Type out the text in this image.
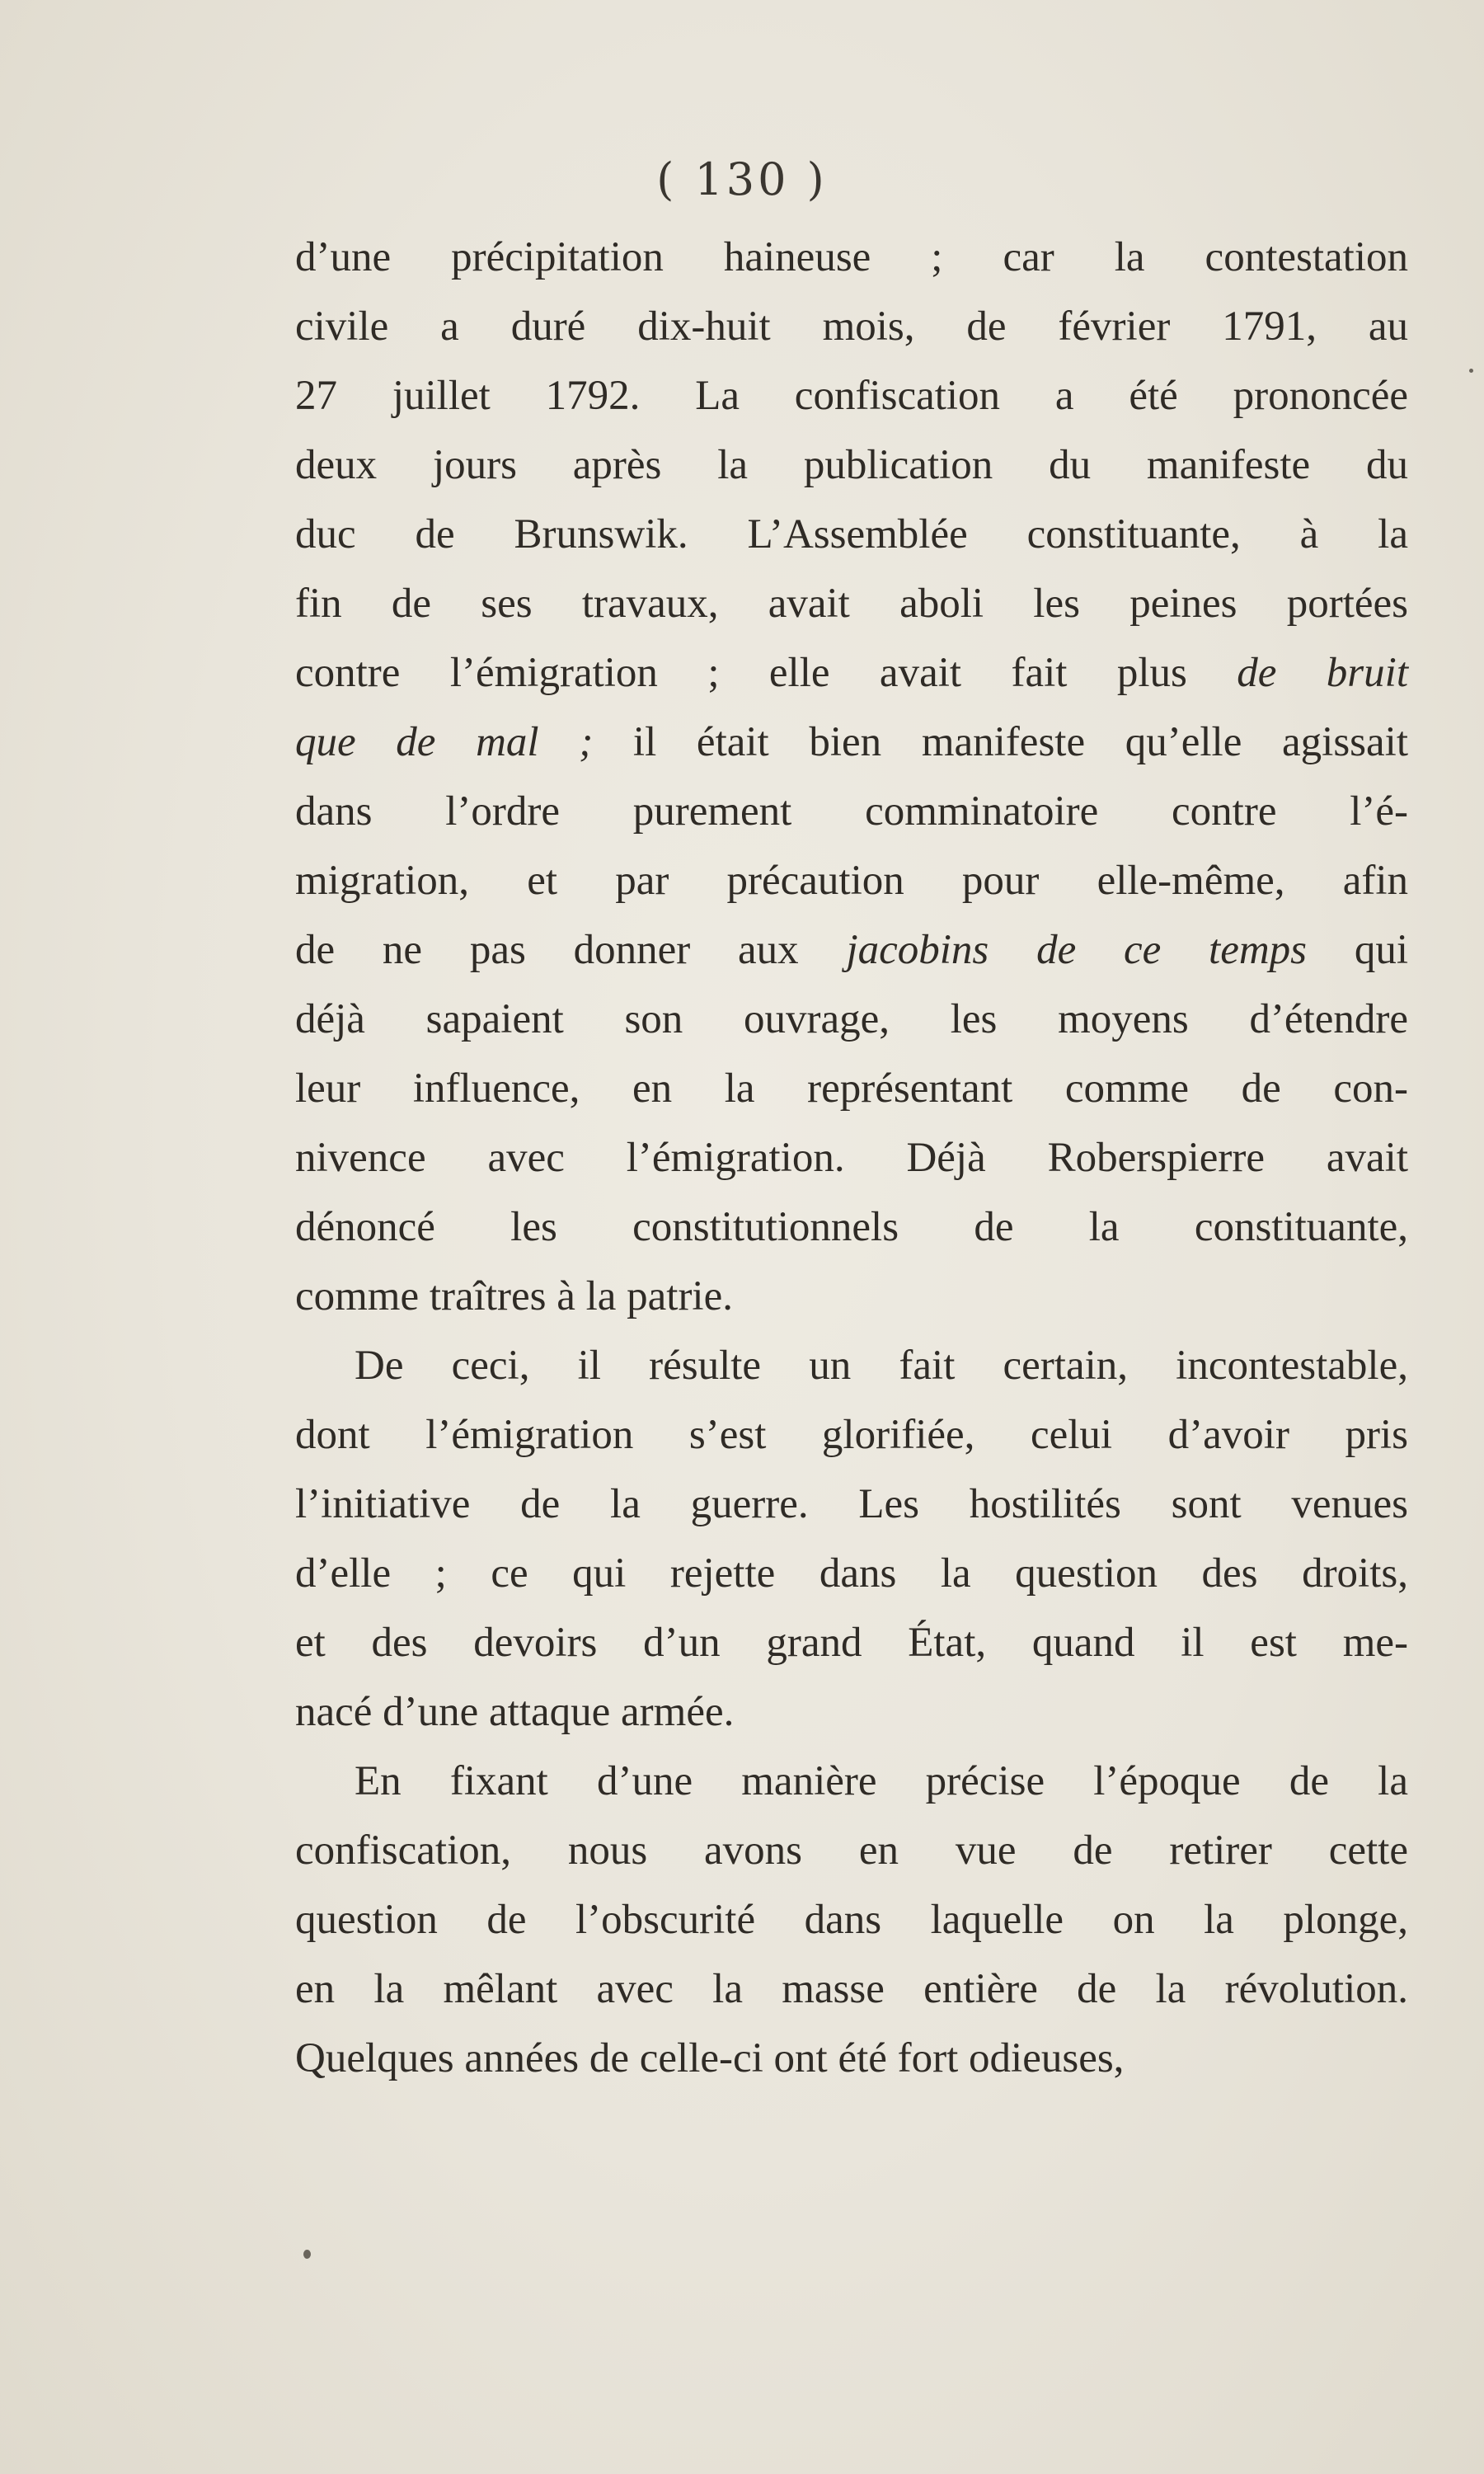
( 130 )
d’une précipitation haineuse ; car la contestation
civile a duré dix-huit mois, de février 1791, au
27 juillet 1792. La confiscation a été prononcée
deux jours après la publication du manifeste du
duc de Brunswik. L’Assemblée constituante, à la
fin de ses travaux, avait aboli les peines portées
contre l’émigration ; elle avait fait plus de bruit
que de mal ; il était bien manifeste qu’elle agissait
dans l’ordre purement comminatoire contre l’é-
migration, et par précaution pour elle-même, afin
de ne pas donner aux jacobins de ce temps qui
déjà sapaient son ouvrage, les moyens d’étendre
leur influence, en la représentant comme de con-
nivence avec l’émigration. Déjà Roberspierre avait
dénoncé les constitutionnels de la constituante,
comme traîtres à la patrie.
De ceci, il résulte un fait certain, incontestable,
dont l’émigration s’est glorifiée, celui d’avoir pris
l’initiative de la guerre. Les hostilités sont venues
d’elle ; ce qui rejette dans la question des droits,
et des devoirs d’un grand État, quand il est me-
nacé d’une attaque armée.
En fixant d’une manière précise l’époque de la
confiscation, nous avons en vue de retirer cette
question de l’obscurité dans laquelle on la plonge,
en la mêlant avec la masse entière de la révolution.
Quelques années de celle-ci ont été fort odieuses,
